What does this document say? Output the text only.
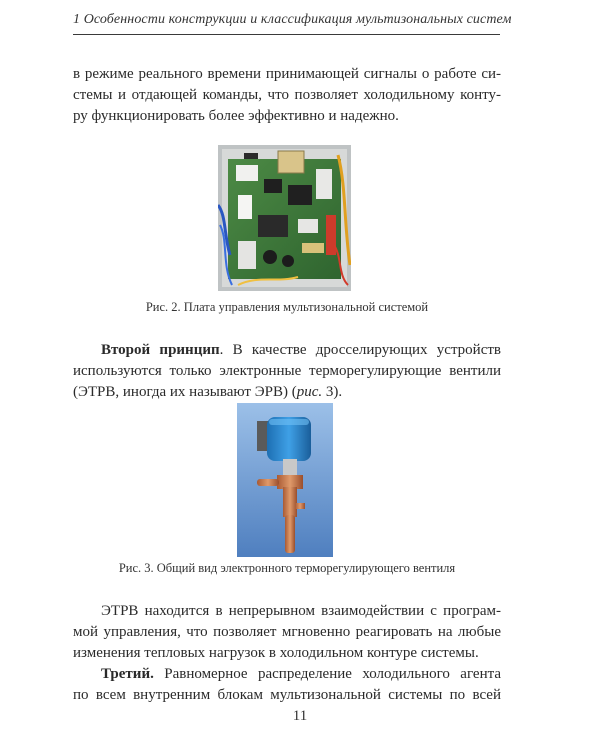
1 Особенности конструкции и классификация мультизональных систем
в режиме реального времени принимающей сигналы о работе си-
стемы и отдающей команды, что позволяет холодильному конту-
ру функционировать более эффективно и надежно.
Рис. 2. Плата управления мультизональной системой
Второй принцип. В качестве дросселирующих устройств
используются только электронные терморегулирующие вентили
(ЭТРВ, иногда их называют ЭРВ) (рис. 3).
Рис. 3. Общий вид электронного терморегулирующего вентиля
ЭТРВ находится в непрерывном взаимодействии с програм-
мой управления, что позволяет мгновенно реагировать на любые
изменения тепловых нагрузок в холодильном контуре системы.
Третий. Равномерное распределение холодильного агента
по всем внутренним блокам мультизональной системы по всей
11
